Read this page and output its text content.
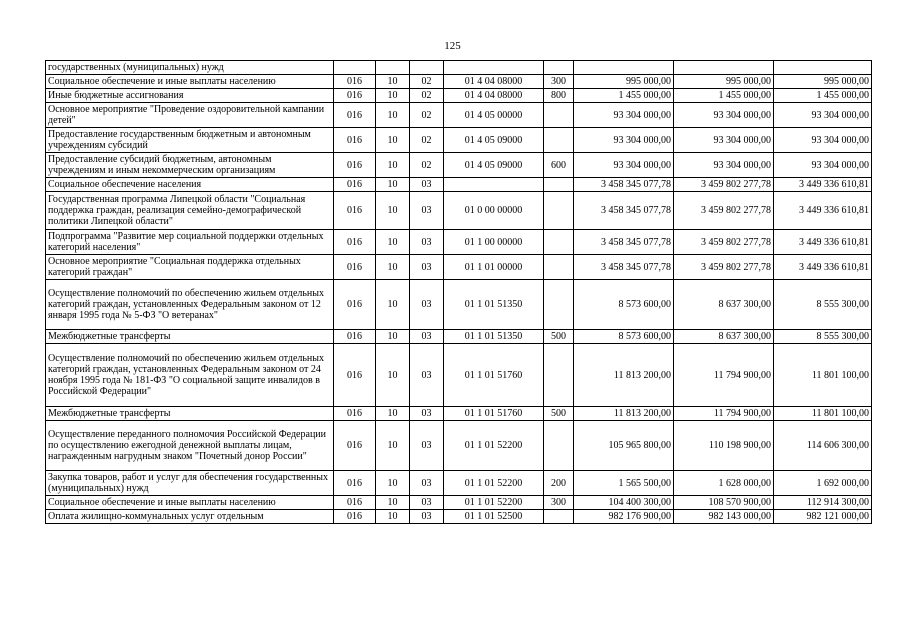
125
государственных (муниципальных) нужд								
Социальное обеспечение и иные выплаты населению	016	10	02	01 4 04 08000	300	995 000,00	995 000,00	995 000,00
Иные бюджетные ассигнования	016	10	02	01 4 04 08000	800	1 455 000,00	1 455 000,00	1 455 000,00
Основное мероприятие "Проведение оздоровительной кампании детей"	016	10	02	01 4 05 00000		93 304 000,00	93 304 000,00	93 304 000,00
Предоставление государственным бюджетным и автономным учреждениям субсидий	016	10	02	01 4 05 09000		93 304 000,00	93 304 000,00	93 304 000,00
Предоставление субсидий бюджетным, автономным учреждениям и иным некоммерческим организациям	016	10	02	01 4 05 09000	600	93 304 000,00	93 304 000,00	93 304 000,00
Социальное обеспечение населения	016	10	03			3 458 345 077,78	3 459 802 277,78	3 449 336 610,81
Государственная программа Липецкой области "Социальная поддержка граждан, реализация семейно-демографической политики Липецкой области"	016	10	03	01 0 00 00000		3 458 345 077,78	3 459 802 277,78	3 449 336 610,81
Подпрограмма "Развитие мер социальной поддержки отдельных категорий населения"	016	10	03	01 1 00 00000		3 458 345 077,78	3 459 802 277,78	3 449 336 610,81
Основное мероприятие "Социальная поддержка отдельных категорий граждан"	016	10	03	01 1 01 00000		3 458 345 077,78	3 459 802 277,78	3 449 336 610,81
Осуществление полномочий по обеспечению жильем отдельных категорий граждан, установленных Федеральным законом от 12 января 1995 года № 5-ФЗ "О ветеранах"	016	10	03	01 1 01 51350		8 573 600,00	8 637 300,00	8 555 300,00
Межбюджетные трансферты	016	10	03	01 1 01 51350	500	8 573 600,00	8 637 300,00	8 555 300,00
Осуществление полномочий по обеспечению жильем отдельных категорий граждан, установленных Федеральным законом от 24 ноября 1995 года № 181-ФЗ "О социальной защите инвалидов в Российской Федерации"	016	10	03	01 1 01 51760		11 813 200,00	11 794 900,00	11 801 100,00
Межбюджетные трансферты	016	10	03	01 1 01 51760	500	11 813 200,00	11 794 900,00	11 801 100,00
Осуществление переданного полномочия Российской Федерации по осуществлению ежегодной денежной выплаты лицам, награжденным нагрудным знаком "Почетный донор России"	016	10	03	01 1 01 52200		105 965 800,00	110 198 900,00	114 606 300,00
Закупка товаров, работ и услуг для обеспечения государственных (муниципальных) нужд	016	10	03	01 1 01 52200	200	1 565 500,00	1 628 000,00	1 692 000,00
Социальное обеспечение и иные выплаты населению	016	10	03	01 1 01 52200	300	104 400 300,00	108 570 900,00	112 914 300,00
Оплата жилищно-коммунальных услуг отдельным	016	10	03	01 1 01 52500		982 176 900,00	982 143 000,00	982 121 000,00
